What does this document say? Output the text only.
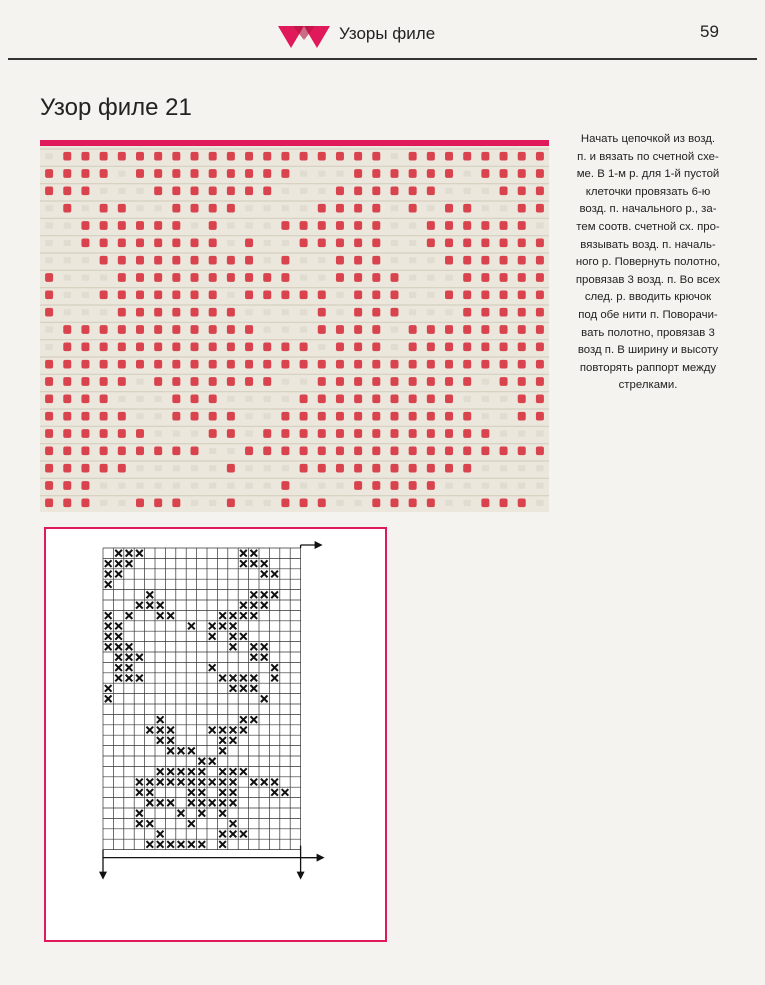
Узоры филе	59
Узор филе 21
Начать цепочкой из возд.
п. и вязать по счетной схе-
ме. В 1-м р. для 1-й пустой
клеточки провязать 6-ю
возд. п. начального р., за-
тем соотв. счетной сх. про-
вязывать возд. п. началь-
ного р. Повернуть полотно,
провязав 3 возд. п. Во всех
след. р. вводить крючок
под обе нити п. Поворачи-
вать полотно, провязав 3
возд п. В ширину и высоту
повторять раппорт между
стрелками.
